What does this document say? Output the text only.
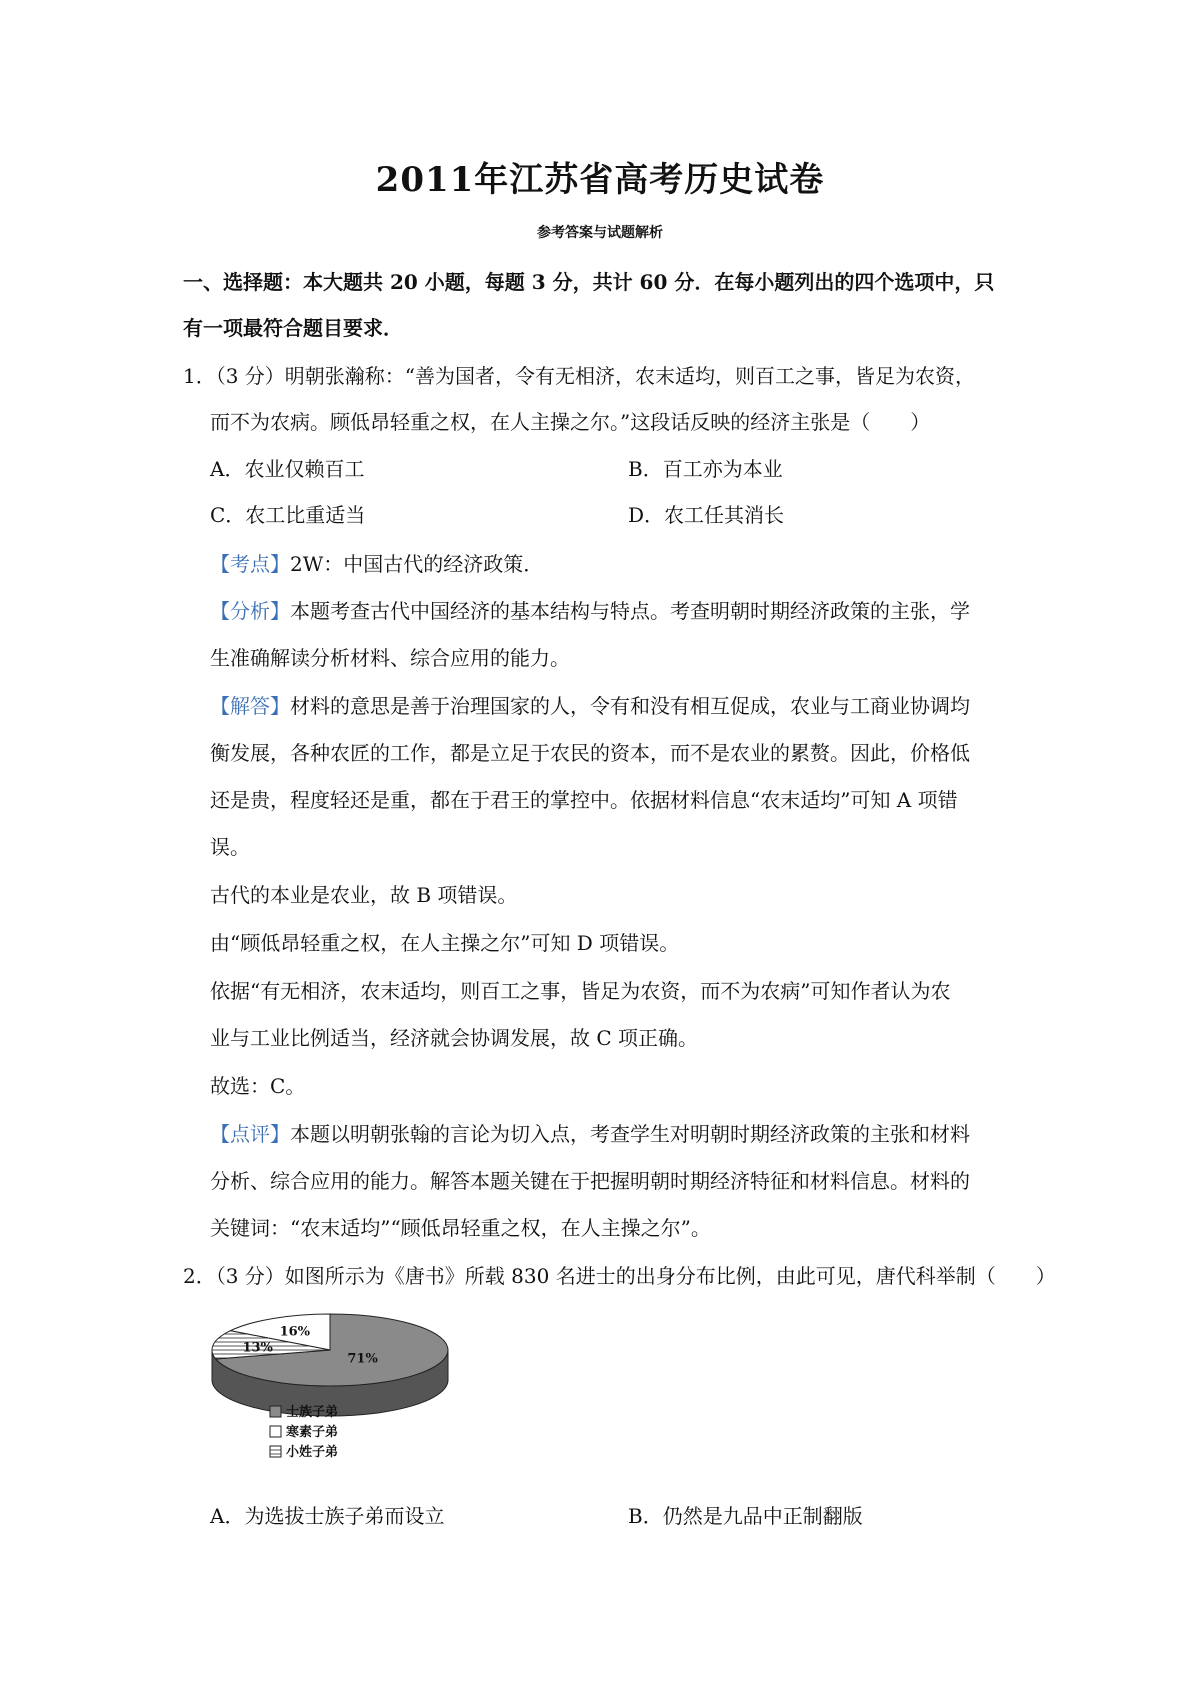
2011年江苏省高考历史试卷
参考答案与试题解析
一、选择题：本大题共 20 小题，每题 3 分，共计 60 分．在每小题列出的四个选项中，只
有一项最符合题目要求．
1．（3 分）明朝张瀚称：“善为国者，令有无相济，农末适均，则百工之事，皆足为农资，
而不为农病。顾低昂轻重之权，在人主操之尔。”这段话反映的经济主张是（　　）
A．农业仅赖百工	B．百工亦为本业
C．农工比重适当	D．农工任其消长
【考点】2W：中国古代的经济政策．
【分析】本题考查古代中国经济的基本结构与特点。考查明朝时期经济政策的主张，学
生准确解读分析材料、综合应用的能力。
【解答】材料的意思是善于治理国家的人，令有和没有相互促成，农业与工商业协调均
衡发展，各种农匠的工作，都是立足于农民的资本，而不是农业的累赘。因此，价格低
还是贵，程度轻还是重，都在于君王的掌控中。依据材料信息“农末适均”可知 A 项错
误。
古代的本业是农业，故 B 项错误。
由“顾低昂轻重之权，在人主操之尔”可知 D 项错误。
依据“有无相济，农末适均，则百工之事，皆足为农资，而不为农病”可知作者认为农
业与工业比例适当，经济就会协调发展，故 C 项正确。
故选：C。
【点评】本题以明朝张翰的言论为切入点，考查学生对明朝时期经济政策的主张和材料
分析、综合应用的能力。解答本题关键在于把握明朝时期经济特征和材料信息。材料的
关键词：“农末适均”“顾低昂轻重之权，在人主操之尔”。
2．（3 分）如图所示为《唐书》所载 830 名进士的出身分布比例，由此可见，唐代科举制（　　）
71%
16%
13%
士族子弟
寒素子弟
小姓子弟
A．为选拔士族子弟而设立	B．仍然是九品中正制翻版
